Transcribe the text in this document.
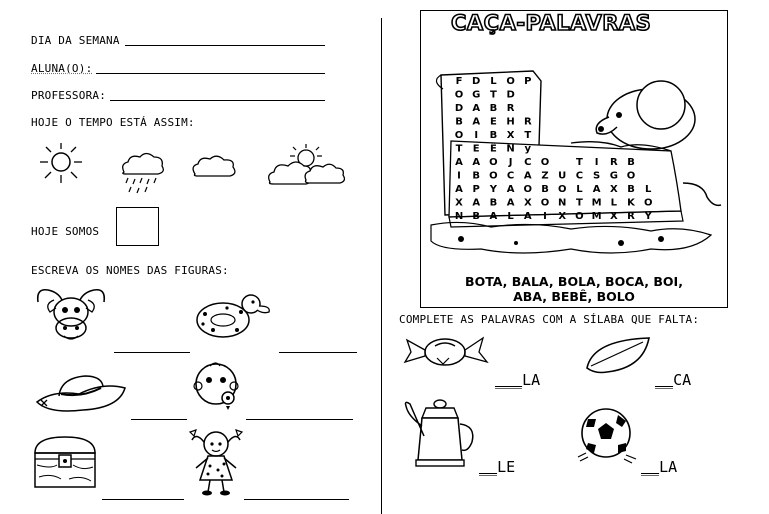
DIA DA SEMANA
ALUNA(O):
PROFESSORA:
HOJE O TEMPO ESTÁ ASSIM:
HOJE SOMOS
ESCREVA OS NOMES DAS FIGURAS:
CAÇA-PALAVRAS
F D L O P
O G T D
D A B R
B A E H R
O I B X T
T E Ê N y
A A O J C O	T I R B
I B O C A Z U C S G O
A P Y A O B O L A X B L
X A B A X O N T M L K O
N B A L A I X O M X R Y
BOTA, BALA, BOLA, BOCA, BOI,
ABA, BEBÊ, BOLO
COMPLETE AS PALAVRAS COM A SÍLABA QUE FALTA:
___LA	__CA
__LE	__LA
